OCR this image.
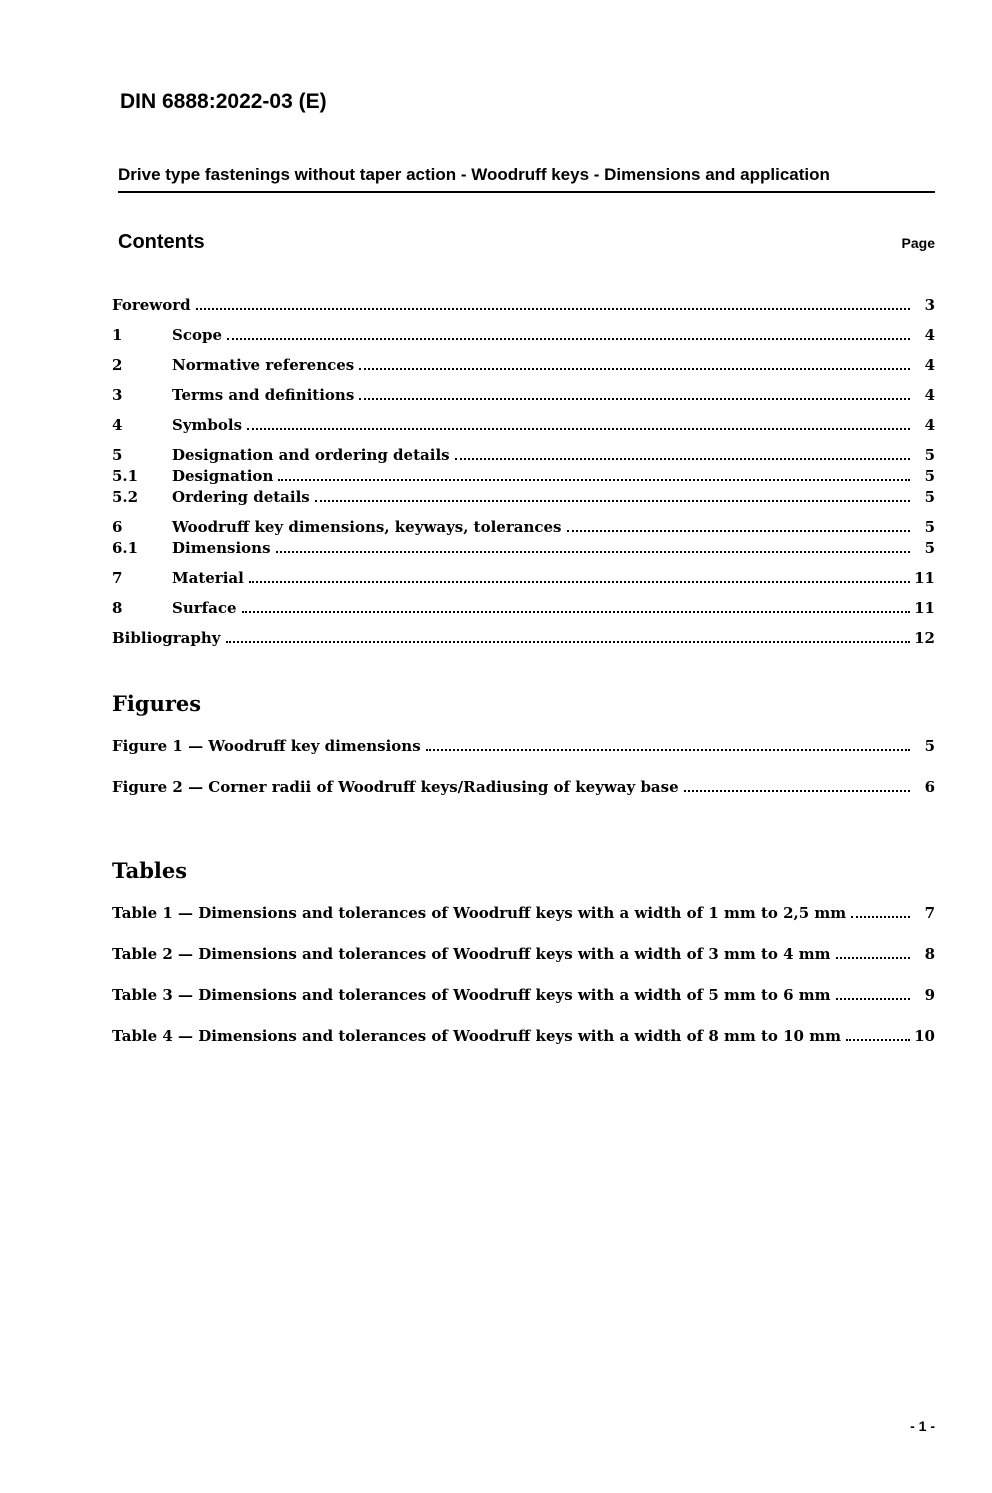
DIN 6888:2022-03 (E)
Drive type fastenings without taper action - Woodruff keys - Dimensions and application
Contents	Page
Foreword	3
1	Scope	4
2	Normative references	4
3	Terms and definitions	4
4	Symbols	4
5	Designation and ordering details	5
5.1	Designation	5
5.2	Ordering details	5
6	Woodruff key dimensions, keyways, tolerances	5
6.1	Dimensions	5
7	Material	11
8	Surface	11
Bibliography	12
Figures
Figure 1 — Woodruff key dimensions	5
Figure 2 — Corner radii of Woodruff keys/Radiusing of keyway base	6
Tables
Table 1 — Dimensions and tolerances of Woodruff keys with a width of 1 mm to 2,5 mm	7
Table 2 — Dimensions and tolerances of Woodruff keys with a width of 3 mm to 4 mm	8
Table 3 — Dimensions and tolerances of Woodruff keys with a width of 5 mm to 6 mm	9
Table 4 — Dimensions and tolerances of Woodruff keys with a width of 8 mm to 10 mm	10
- 1 -
